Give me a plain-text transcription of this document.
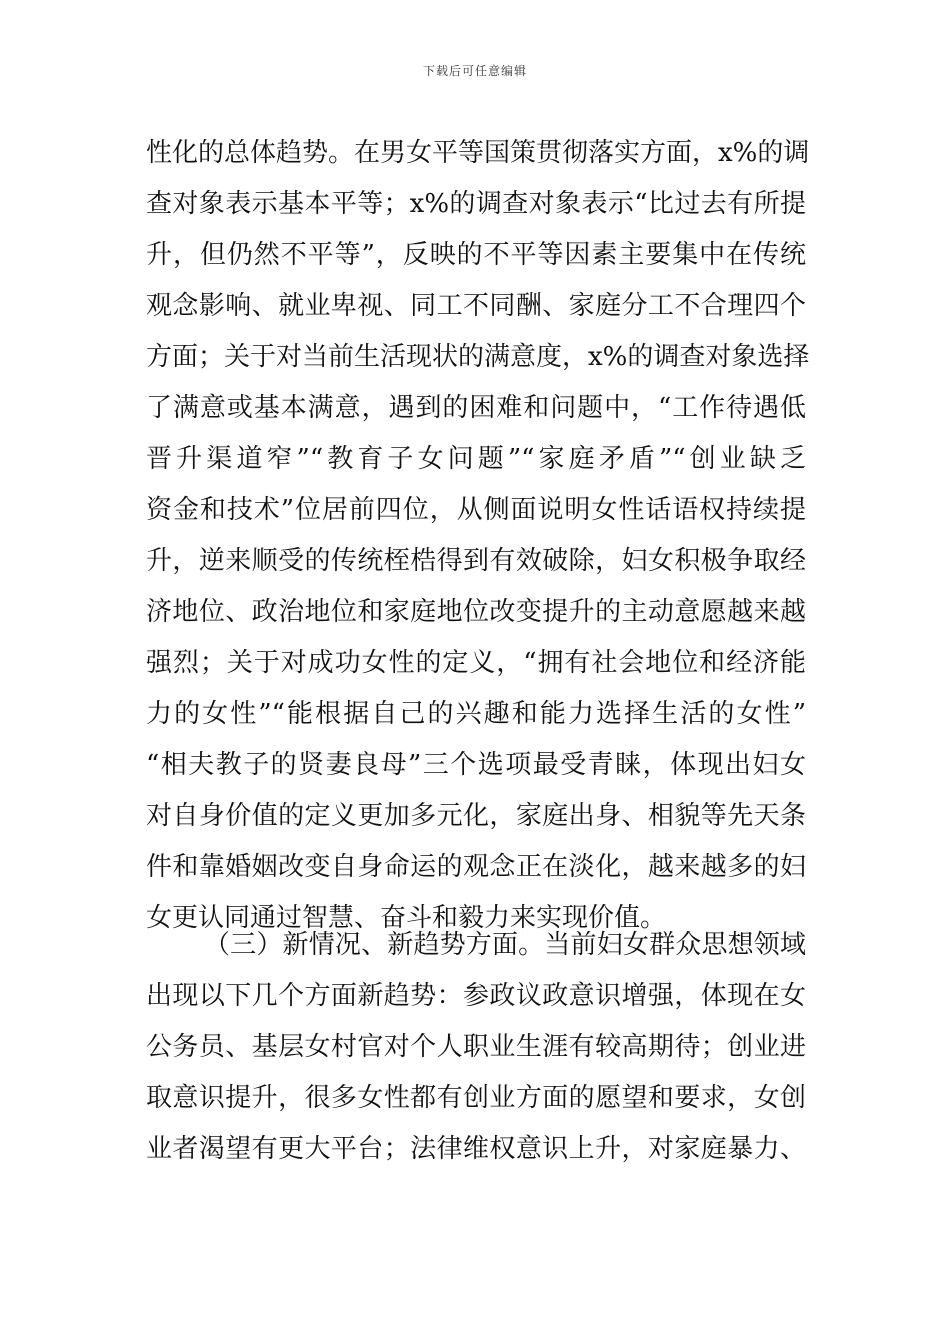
下载后可任意编辑
性化的总体趋势。在男女平等国策贯彻落实方面，x%的调
查对象表示基本平等；x%的调查对象表示“比过去有所提
升，但仍然不平等”，反映的不平等因素主要集中在传统
观念影响、就业卑视、同工不同酬、家庭分工不合理四个
方面；关于对当前生活现状的满意度，x%的调查对象选择
了满意或基本满意，遇到的困难和问题中，“工作待遇低
晋升渠道窄”“教育子女问题”“家庭矛盾”“创业缺乏
资金和技术”位居前四位，从侧面说明女性话语权持续提
升，逆来顺受的传统桎梏得到有效破除，妇女积极争取经
济地位、政治地位和家庭地位改变提升的主动意愿越来越
强烈；关于对成功女性的定义，“拥有社会地位和经济能
力的女性”“能根据自己的兴趣和能力选择生活的女性”
“相夫教子的贤妻良母”三个选项最受青睐，体现出妇女
对自身价值的定义更加多元化，家庭出身、相貌等先天条
件和靠婚姻改变自身命运的观念正在淡化，越来越多的妇
女更认同通过智慧、奋斗和毅力来实现价值。
（三）新情况、新趋势方面。当前妇女群众思想领域
出现以下几个方面新趋势：参政议政意识增强，体现在女
公务员、基层女村官对个人职业生涯有较高期待；创业进
取意识提升，很多女性都有创业方面的愿望和要求，女创
业者渴望有更大平台；法律维权意识上升，对家庭暴力、
